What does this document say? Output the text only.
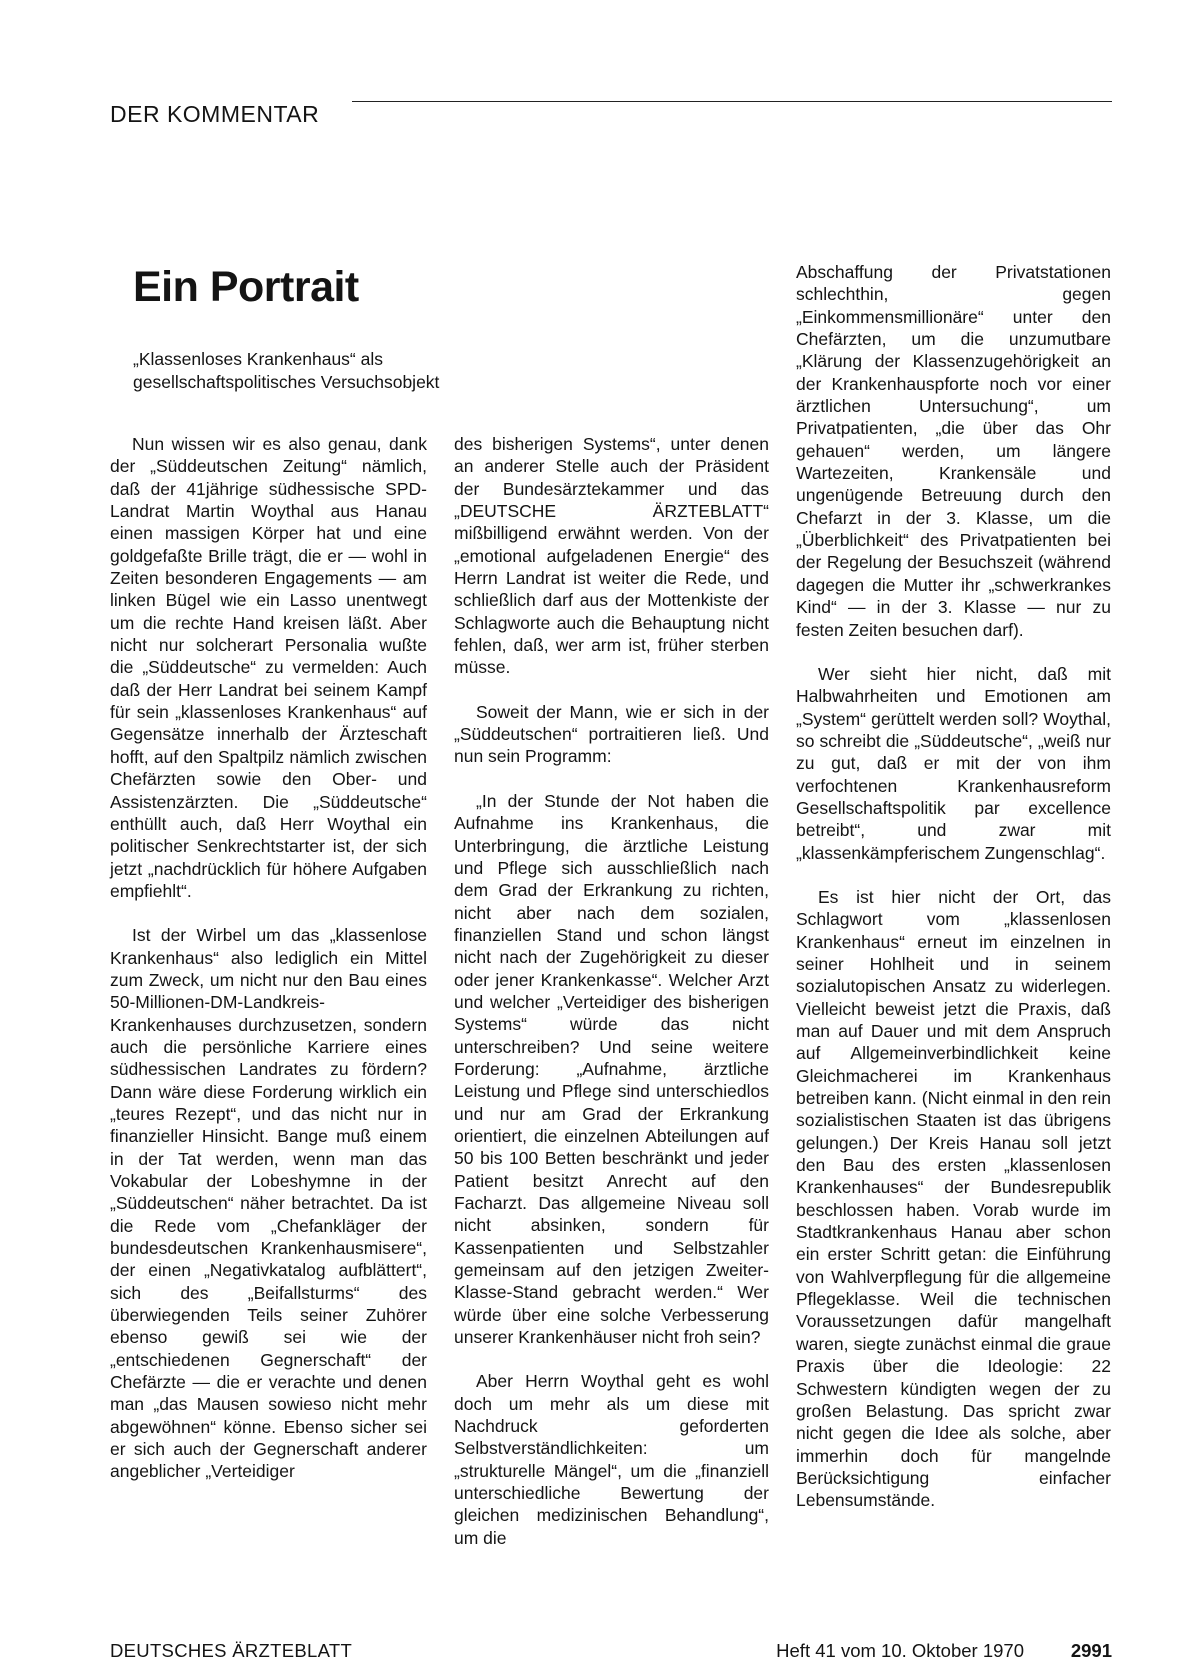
DER KOMMENTAR
Ein Portrait
„Klassenloses Krankenhaus“ als
gesellschaftspolitisches Versuchsobjekt

Nun wissen wir es also genau, dank der „Süddeutschen Zeitung“ nämlich, daß der 41jährige südhessische SPD-Landrat Martin Woythal aus Hanau einen massigen Körper hat und eine goldgefaßte Brille trägt, die er — wohl in Zeiten besonderen Engagements — am linken Bügel wie ein Lasso unentwegt um die rechte Hand kreisen läßt. Aber nicht nur solcherart Personalia wußte die „Süddeutsche“ zu vermelden: Auch daß der Herr Landrat bei seinem Kampf für sein „klassenloses Krankenhaus“ auf Gegensätze innerhalb der Ärzteschaft hofft, auf den Spaltpilz nämlich zwischen Chefärzten sowie den Ober- und Assistenzärzten. Die „Süddeutsche“ enthüllt auch, daß Herr Woythal ein politischer Senkrechtstarter ist, der sich jetzt „nachdrücklich für höhere Aufgaben empfiehlt“.

Ist der Wirbel um das „klassenlose Krankenhaus“ also lediglich ein Mittel zum Zweck, um nicht nur den Bau eines 50-Millionen-DM-Landkreis-Krankenhauses durchzusetzen, sondern auch die persönliche Karriere eines südhessischen Landrates zu fördern? Dann wäre diese Forderung wirklich ein „teures Rezept“, und das nicht nur in finanzieller Hinsicht. Bange muß einem in der Tat werden, wenn man das Vokabular der Lobeshymne in der „Süddeutschen“ näher betrachtet. Da ist die Rede vom „Chefankläger der bundesdeutschen Krankenhausmisere“, der einen „Negativkatalog aufblättert“, sich des „Beifallsturms“ des überwiegenden Teils seiner Zuhörer ebenso gewiß sei wie der „entschiedenen Gegnerschaft“ der Chefärzte — die er verachte und denen man „das Mausen sowieso nicht mehr abgewöhnen“ könne. Ebenso sicher sei er sich auch der Gegnerschaft anderer angeblicher „Verteidiger

des bisherigen Systems“, unter denen an anderer Stelle auch der Präsident der Bundesärztekammer und das „DEUTSCHE ÄRZTEBLATT“ mißbilligend erwähnt werden. Von der „emotional aufgeladenen Energie“ des Herrn Landrat ist weiter die Rede, und schließlich darf aus der Mottenkiste der Schlagworte auch die Behauptung nicht fehlen, daß, wer arm ist, früher sterben müsse.

Soweit der Mann, wie er sich in der „Süddeutschen“ portraitieren ließ. Und nun sein Programm:

„In der Stunde der Not haben die Aufnahme ins Krankenhaus, die Unterbringung, die ärztliche Leistung und Pflege sich ausschließlich nach dem Grad der Erkrankung zu richten, nicht aber nach dem sozialen, finanziellen Stand und schon längst nicht nach der Zugehörigkeit zu dieser oder jener Krankenkasse“. Welcher Arzt und welcher „Verteidiger des bisherigen Systems“ würde das nicht unterschreiben? Und seine weitere Forderung: „Aufnahme, ärztliche Leistung und Pflege sind unterschiedlos und nur am Grad der Erkrankung orientiert, die einzelnen Abteilungen auf 50 bis 100 Betten beschränkt und jeder Patient besitzt Anrecht auf den Facharzt. Das allgemeine Niveau soll nicht absinken, sondern für Kassenpatienten und Selbstzahler gemeinsam auf den jetzigen Zweiter-Klasse-Stand gebracht werden.“ Wer würde über eine solche Verbesserung unserer Krankenhäuser nicht froh sein?

Aber Herrn Woythal geht es wohl doch um mehr als um diese mit Nachdruck geforderten Selbstverständlichkeiten: um „strukturelle Mängel“, um die „finanziell unterschiedliche Bewertung der gleichen medizinischen Behandlung“, um die

Abschaffung der Privatstationen schlechthin, gegen „Einkommensmillionäre“ unter den Chefärzten, um die unzumutbare „Klärung der Klassenzugehörigkeit an der Krankenhauspforte noch vor einer ärztlichen Untersuchung“, um Privatpatienten, „die über das Ohr gehauen“ werden, um längere Wartezeiten, Krankensäle und ungenügende Betreuung durch den Chefarzt in der 3. Klasse, um die „Überblichkeit“ des Privatpatienten bei der Regelung der Besuchszeit (während dagegen die Mutter ihr „schwerkrankes Kind“ — in der 3. Klasse — nur zu festen Zeiten besuchen darf).

Wer sieht hier nicht, daß mit Halbwahrheiten und Emotionen am „System“ gerüttelt werden soll? Woythal, so schreibt die „Süddeutsche“, „weiß nur zu gut, daß er mit der von ihm verfochtenen Krankenhausreform Gesellschaftspolitik par excellence betreibt“, und zwar mit „klassenkämpferischem Zungenschlag“.

Es ist hier nicht der Ort, das Schlagwort vom „klassenlosen Krankenhaus“ erneut im einzelnen in seiner Hohlheit und in seinem sozialutopischen Ansatz zu widerlegen. Vielleicht beweist jetzt die Praxis, daß man auf Dauer und mit dem Anspruch auf Allgemeinverbindlichkeit keine Gleichmacherei im Krankenhaus betreiben kann. (Nicht einmal in den rein sozialistischen Staaten ist das übrigens gelungen.) Der Kreis Hanau soll jetzt den Bau des ersten „klassenlosen Krankenhauses“ der Bundesrepublik beschlossen haben. Vorab wurde im Stadtkrankenhaus Hanau aber schon ein erster Schritt getan: die Einführung von Wahlverpflegung für die allgemeine Pflegeklasse. Weil die technischen Voraussetzungen dafür mangelhaft waren, siegte zunächst einmal die graue Praxis über die Ideologie: 22 Schwestern kündigten wegen der zu großen Belastung. Das spricht zwar nicht gegen die Idee als solche, aber immerhin doch für mangelnde Berücksichtigung einfacher Lebensumstände.

DEUTSCHES ÄRZTEBLATT	Heft 41 vom 10. Oktober 1970	2991
